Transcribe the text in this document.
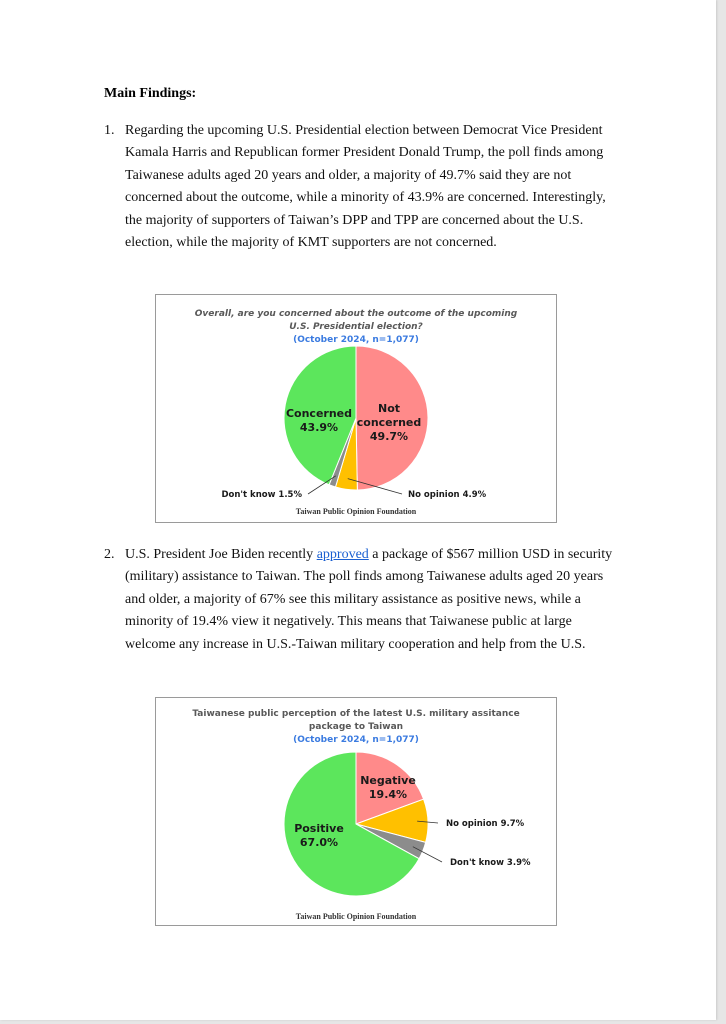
Main Findings:
1. Regarding the upcoming U.S. Presidential election between Democrat Vice President Kamala Harris and Republican former President Donald Trump, the poll finds among Taiwanese adults aged 20 years and older, a majority of 49.7% said they are not concerned about the outcome, while a minority of 43.9% are concerned. Interestingly, the majority of supporters of Taiwan’s DPP and TPP are concerned about the U.S. election, while the majority of KMT supporters are not concerned.
Overall, are you concerned about the outcome of the upcoming
U.S. Presidential election?
(October 2024, n=1,077)
Not
concerned
49.7%
No opinion 4.9%
Don't know 1.5%
Concerned
43.9%
Taiwan Public Opinion Foundation
2. U.S. President Joe Biden recently approved a package of $567 million USD in security (military) assistance to Taiwan. The poll finds among Taiwanese adults aged 20 years and older, a majority of 67% see this military assistance as positive news, while a minority of 19.4% view it negatively. This means that Taiwanese public at large welcome any increase in U.S.-Taiwan military cooperation and help from the U.S.
Taiwanese public perception of the latest U.S. military assitance
package to Taiwan
(October 2024, n=1,077)
Negative
19.4%
No opinion 9.7%
Don't know 3.9%
Positive
67.0%
Taiwan Public Opinion Foundation
